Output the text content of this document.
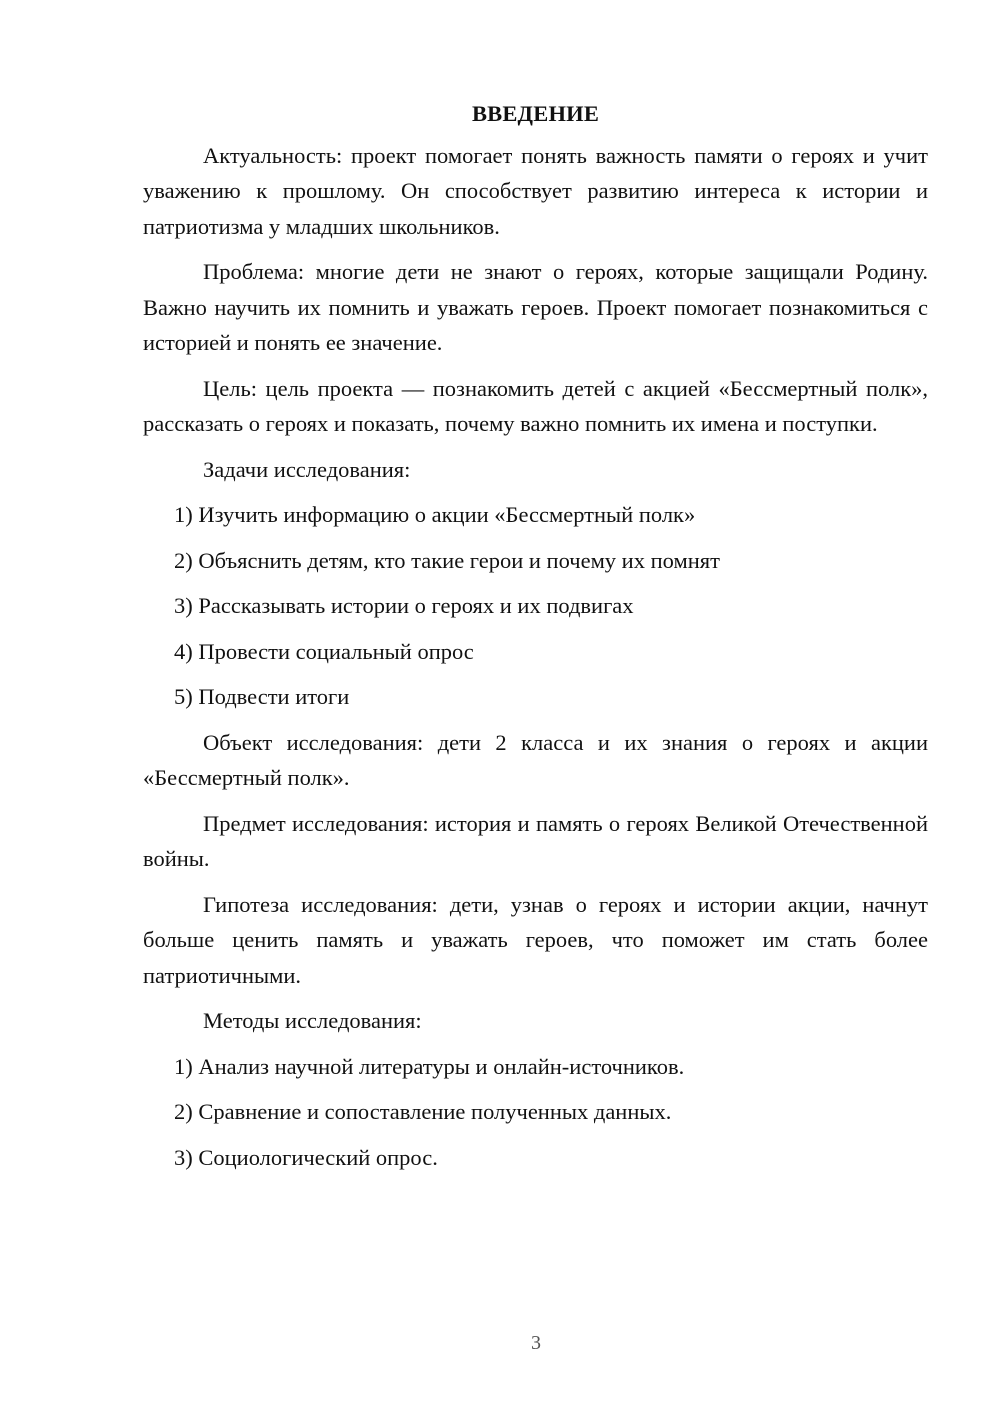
ВВЕДЕНИЕ

Актуальность: проект помогает понять важность памяти о героях и учит уважению к прошлому. Он способствует развитию интереса к истории и патриотизма у младших школьников.

Проблема: многие дети не знают о героях, которые защищали Родину. Важно научить их помнить и уважать героев. Проект помогает познакомиться с историей и понять ее значение.

Цель: цель проекта — познакомить детей с акцией «Бессмертный полк», рассказать о героях и показать, почему важно помнить их имена и поступки.

Задачи исследования:

1) Изучить информацию о акции «Бессмертный полк»

2) Объяснить детям, кто такие герои и почему их помнят

3) Рассказывать истории о героях и их подвигах

4) Провести социальный опрос

5) Подвести итоги

Объект исследования: дети 2 класса и их знания о героях и акции «Бессмертный полк».

Предмет исследования: история и память о героях Великой Отечественной войны.

Гипотеза исследования: дети, узнав о героях и истории акции, начнут больше ценить память и уважать героев, что поможет им стать более патриотичными.

Методы исследования:

1) Анализ научной литературы и онлайн-источников.

2) Сравнение и сопоставление полученных данных.

3) Социологический опрос.

3
